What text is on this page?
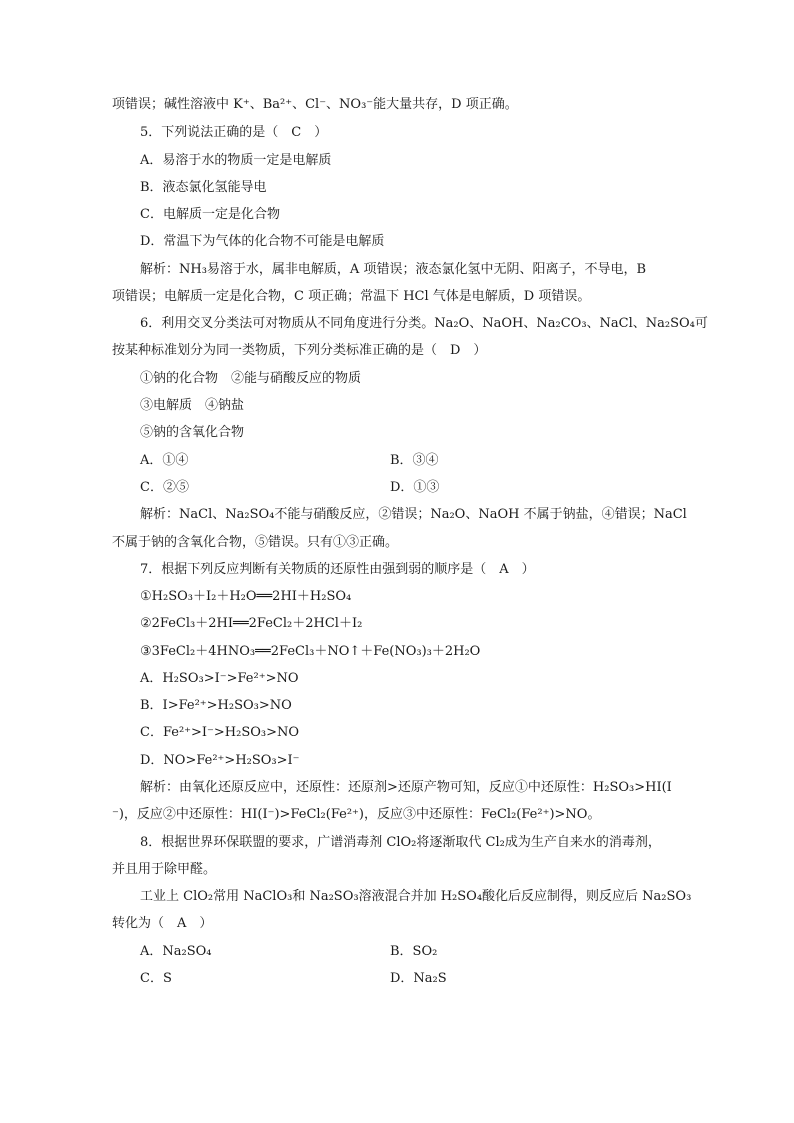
项错误；碱性溶液中 K⁺、Ba²⁺、Cl⁻、NO₃⁻能大量共存，D 项正确。
5．下列说法正确的是（　C　）
A．易溶于水的物质一定是电解质
B．液态氯化氢能导电
C．电解质一定是化合物
D．常温下为气体的化合物不可能是电解质
解析：NH₃易溶于水，属非电解质，A 项错误；液态氯化氢中无阴、阳离子，不导电，B
项错误；电解质一定是化合物，C 项正确；常温下 HCl 气体是电解质，D 项错误。
6．利用交叉分类法可对物质从不同角度进行分类。Na₂O、NaOH、Na₂CO₃、NaCl、Na₂SO₄可
按某种标准划分为同一类物质，下列分类标准正确的是（　D　）
①钠的化合物　②能与硝酸反应的物质
③电解质　④钠盐
⑤钠的含氧化合物
A．①④	B．③④
C．②⑤	D．①③
解析：NaCl、Na₂SO₄不能与硝酸反应，②错误；Na₂O、NaOH 不属于钠盐，④错误；NaCl
不属于钠的含氧化合物，⑤错误。只有①③正确。
7．根据下列反应判断有关物质的还原性由强到弱的顺序是（　A　）
①H₂SO₃＋I₂＋H₂O══2HI＋H₂SO₄
②2FeCl₃＋2HI══2FeCl₂＋2HCl＋I₂
③3FeCl₂＋4HNO₃══2FeCl₃＋NO↑＋Fe(NO₃)₃＋2H₂O
A．H₂SO₃>I⁻>Fe²⁺>NO
B．I>Fe²⁺>H₂SO₃>NO
C．Fe²⁺>I⁻>H₂SO₃>NO
D．NO>Fe²⁺>H₂SO₃>I⁻
解析：由氧化还原反应中，还原性：还原剂>还原产物可知，反应①中还原性：H₂SO₃>HI(I
⁻)，反应②中还原性：HI(I⁻)>FeCl₂(Fe²⁺)，反应③中还原性：FeCl₂(Fe²⁺)>NO。
8．根据世界环保联盟的要求，广谱消毒剂 ClO₂将逐渐取代 Cl₂成为生产自来水的消毒剂，
并且用于除甲醛。
工业上 ClO₂常用 NaClO₃和 Na₂SO₃溶液混合并加 H₂SO₄酸化后反应制得，则反应后 Na₂SO₃
转化为（　A　）
A．Na₂SO₄	B．SO₂
C．S	D．Na₂S
